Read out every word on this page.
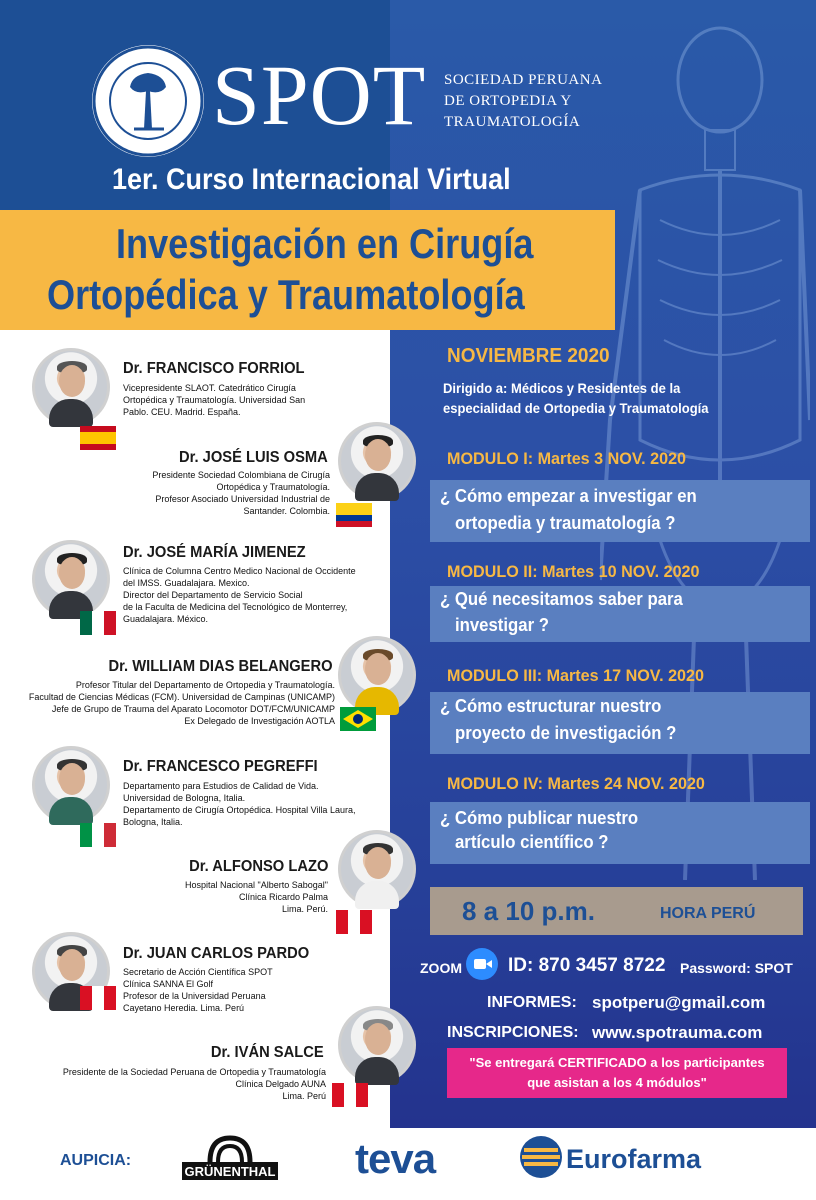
SPOT SOCIEDAD PERUANA
DE ORTOPEDIA Y
TRAUMATOLOGÍA
1er. Curso Internacional Virtual
Investigación en Cirugía
Ortopédica y Traumatología
Dr. FRANCISCO FORRIOL
Vicepresidente SLAOT. Catedrático Cirugía
Ortopédica y Traumatología. Universidad San
Pablo. CEU. Madrid. España.
Dr. JOSÉ LUIS OSMA
Presidente Sociedad Colombiana de Cirugía
Ortopédica y Traumatología.
Profesor Asociado Universidad Industrial de
Santander. Colombia.
Dr. JOSÉ MARÍA JIMENEZ
Clínica de Columna Centro Medico Nacional de Occidente
del IMSS. Guadalajara. Mexico.
Director del Departamento de Servicio Social
de la Faculta de Medicina del Tecnológico de Monterrey,
Guadalajara. México.
Dr. WILLIAM DIAS BELANGERO
Profesor Titular del Departamento de Ortopedia y Traumatología.
Facultad de Ciencias Médicas (FCM). Universidad de Campinas (UNICAMP)
Jefe de Grupo de Trauma del Aparato Locomotor DOT/FCM/UNICAMP
Ex Delegado de Investigación AOTLA
Dr. FRANCESCO PEGREFFI
Departamento para Estudios de Calidad de Vida.
Universidad de Bologna, Italia.
Departamento de Cirugía Ortopédica. Hospital Villa Laura,
Bologna, Italia.
Dr. ALFONSO LAZO
Hospital Nacional "Alberto Sabogal"
Clínica Ricardo Palma
Lima. Perú.
Dr. JUAN CARLOS PARDO
Secretario de Acción Científica SPOT
Clínica SANNA El Golf
Profesor de la Universidad Peruana
Cayetano Heredia. Lima. Perú
Dr. IVÁN SALCE
Presidente de la Sociedad Peruana de Ortopedia y Traumatología
Clínica Delgado AUNA
Lima. Perú
NOVIEMBRE 2020
Dirigido a: Médicos y Residentes de la
especialidad de Ortopedia y Traumatología
MODULO I: Martes 3 NOV. 2020
¿ Cómo empezar a investigar en
ortopedia y traumatología ?
MODULO II: Martes 10 NOV. 2020
¿ Qué necesitamos saber para
investigar ?
MODULO III: Martes 17 NOV. 2020
¿ Cómo estructurar nuestro
proyecto de investigación ?
MODULO IV: Martes 24 NOV. 2020
¿ Cómo publicar nuestro
artículo científico ?
8 a 10 p.m.	HORA PERÚ
ZOOM ID: 870 3457 8722 Password: SPOT
INFORMES: spotperu@gmail.com
INSCRIPCIONES: www.spotrauma.com
"Se entregará CERTIFICADO a los participantes
que asistan a los 4 módulos"
AUPICIA:
GRÜNENTHAL teva	Eurofarma
